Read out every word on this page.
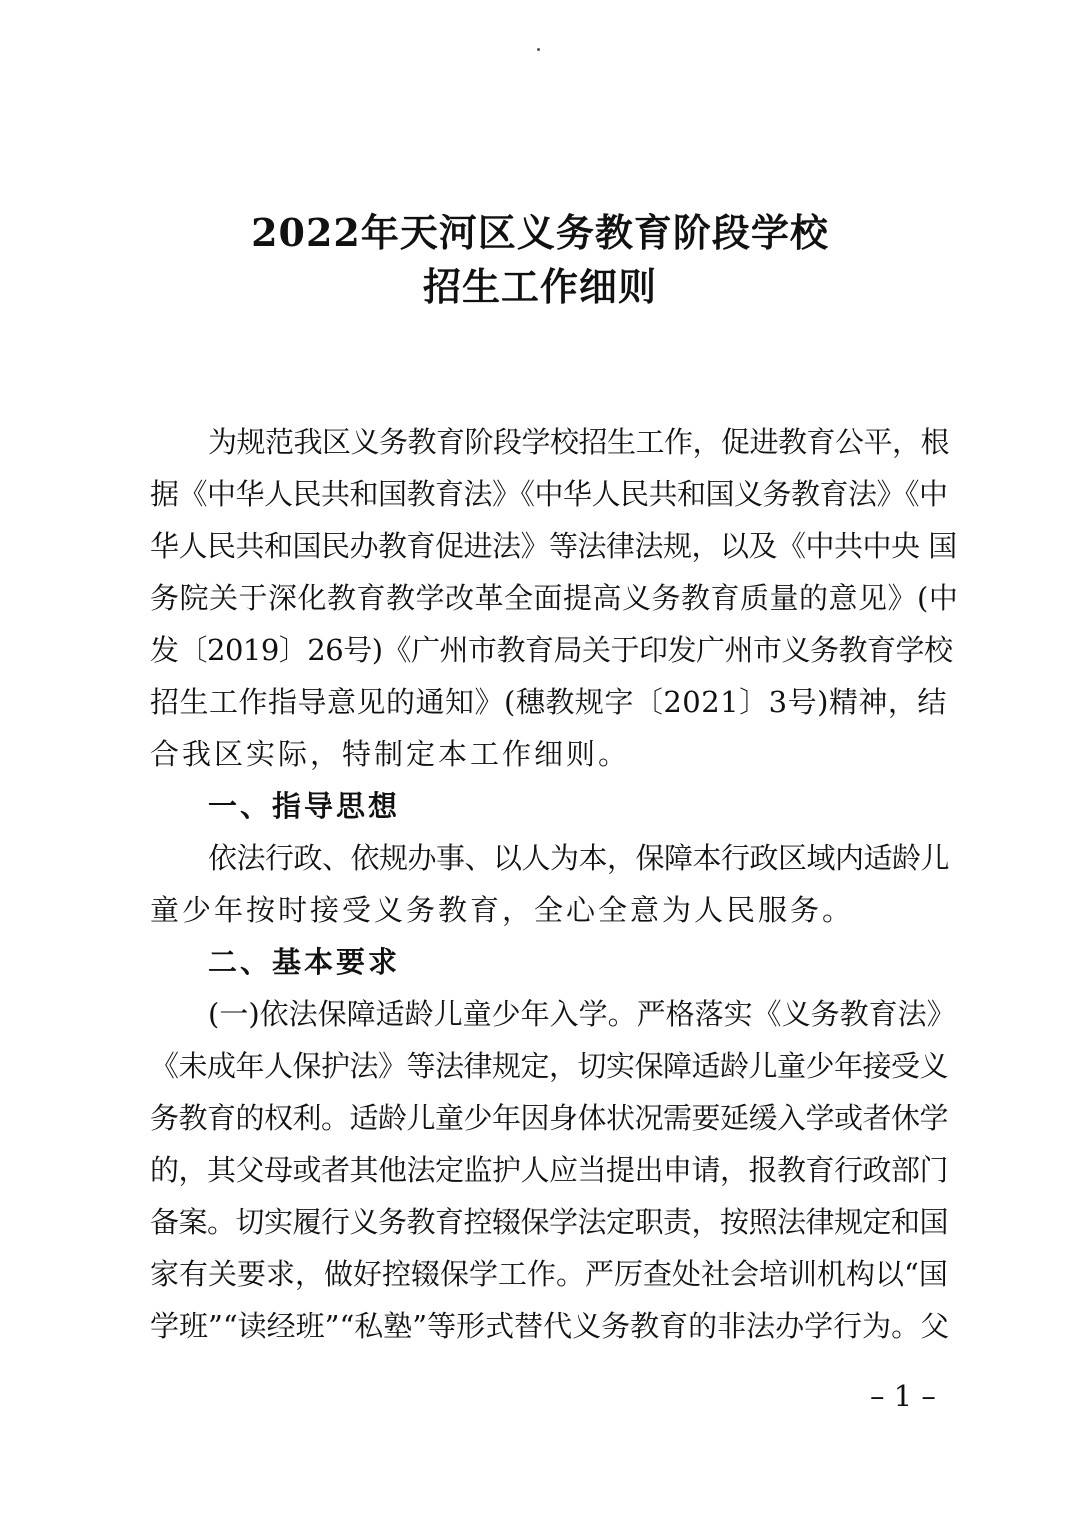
2022年天河区义务教育阶段学校
招生工作细则
为规范我区义务教育阶段学校招生工作，促进教育公平，根
据《中华人民共和国教育法》《中华人民共和国义务教育法》《中
华人民共和国民办教育促进法》等法律法规，以及《中共中央 国
务院关于深化教育教学改革全面提高义务教育质量的意见》(中
发〔2019〕26号)《广州市教育局关于印发广州市义务教育学校
招生工作指导意见的通知》(穗教规字〔2021〕3号)精神，结
合我区实际，特制定本工作细则。
一、指导思想
依法行政、依规办事、以人为本，保障本行政区域内适龄儿
童少年按时接受义务教育，全心全意为人民服务。
二、基本要求
(一)依法保障适龄儿童少年入学。严格落实《义务教育法》
《未成年人保护法》等法律规定，切实保障适龄儿童少年接受义
务教育的权利。适龄儿童少年因身体状况需要延缓入学或者休学
的，其父母或者其他法定监护人应当提出申请，报教育行政部门
备案。切实履行义务教育控辍保学法定职责，按照法律规定和国
家有关要求，做好控辍保学工作。严厉查处社会培训机构以“国
学班”“读经班”“私塾”等形式替代义务教育的非法办学行为。父
– 1 –
